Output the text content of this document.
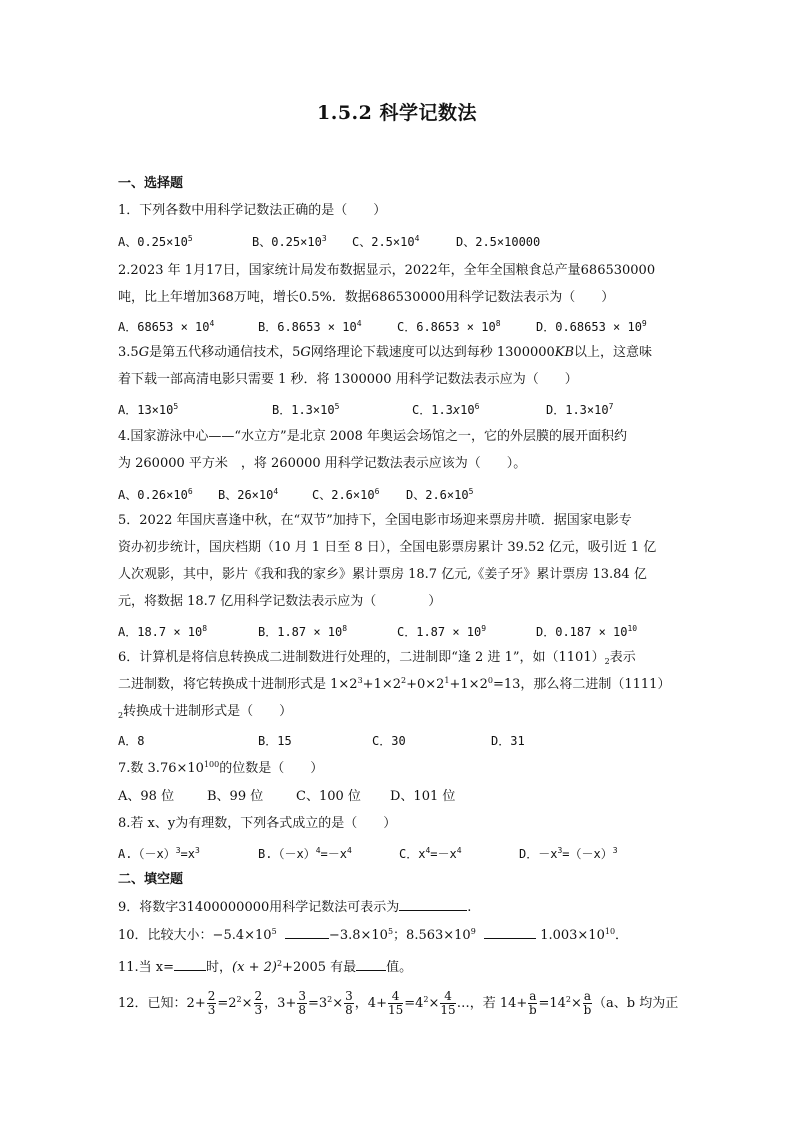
1.5.2 科学记数法
一、选择题
1．下列各数中用科学记数法正确的是（　　）
A、$0.25\times 10^5$	B、$0.25\times 10^3$ C、$2.5\times 10^4$	D、2.5×10000
2.2023 年 1月17日，国家统计局发布数据显示，2022年，全年全国粮食总产量686530000
吨，比上年增加368万吨，增长0.5%．数据686530000用科学记数法表示为（　　）
A．$68653 \times 10^4$	B．$6.8653 \times 10^4$	C．$6.8653 \times 10^8$	D．$0.68653 \times 10^9$
3.5G是第五代移动通信技术，5G网络理论下载速度可以达到每秒 1300000KB以上，这意味
着下载一部高清电影只需要 1 秒．将 1300000 用科学记数法表示应为（　　）
A．$13\times 10^5$	B．$1.3\times 10^5$	C．$1.3x10^6$	D．$1.3\times 10^7$
4.国家游泳中心——“水立方”是北京 2008 年奥运会场馆之一，它的外层膜的展开面积约
为 260000 平方米　，将 260000 用科学记数法表示应该为（　　）。
A、$0.26\times 10^6$ B、$26\times 10^4$	C、$2.6\times 10^6$ D、$2.6\times 10^5$
5．2022 年国庆喜逢中秋，在“双节”加持下，全国电影市场迎来票房井喷．据国家电影专
资办初步统计，国庆档期（10 月 1 日至 8 日），全国电影票房累计 39.52 亿元，吸引近 1 亿
人次观影，其中，影片《我和我的家乡》累计票房 18.7 亿元,《姜子牙》累计票房 13.84 亿
元，将数据 18.7 亿用科学记数法表示应为（　　　　）
A．$18.7 \times 10^8$	B．$1.87 \times 10^8$	C．$1.87 \times 10^9$	D．$0.187 \times 10^{10}$
6．计算机是将信息转换成二进制数进行处理的，二进制即“逢 2 进 1”，如$(1101)_2$表示
二进制数，将它转换成十进制形式是 $1\times 2^3+1\times 2^2+0\times 2^1+1\times 2^0=13$，那么将二进制（1111）
$_2$转换成十进制形式是（　　）
A．8	B．15	C．30	D．31
7.数 $3.76\times 10^{100}$的位数是（　　）
A、98 位	B、99 位	C、100 位 D、101 位
8.若 x、y为有理数，下列各式成立的是（　　）
$A.(-x)^3=x^3$	$B.(-x)^4=-x^4$	C．$x^4=-x^4$	D．$-x^3=(-x)^3$
二、填空题
9．将数字31400000000用科学记数法可表示为	.
10．比较大小：$-5.4\times 10^5$	$-3.8\times 10^5$；$8.563\times 10^9$	$1.003\times 10^{10}$．
11.当 x= 时，$(x + 2)^2+2005$ 有最 值。
12．已知：$2+ \frac{2}{3} =2^2\times \frac{2}{3}$ ，$3+ \frac{3}{8} =3^2\times \frac{3}{8}$ ，$4+ \frac{4}{15} =4^2\times \frac{4}{15}$ …，若 $14+ \frac{a}{b} =14^2\times \frac{a}{b} (a$、b 均为正
